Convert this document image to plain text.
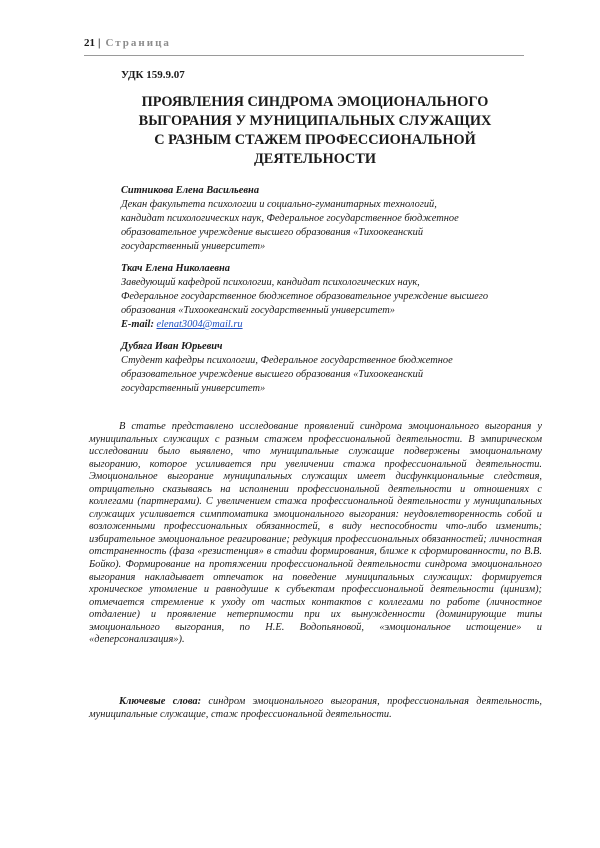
21 | Страница
УДК 159.9.07
ПРОЯВЛЕНИЯ СИНДРОМА ЭМОЦИОНАЛЬНОГО
ВЫГОРАНИЯ У МУНИЦИПАЛЬНЫХ СЛУЖАЩИХ
С РАЗНЫМ СТАЖЕМ ПРОФЕССИОНАЛЬНОЙ
ДЕЯТЕЛЬНОСТИ
Ситникова Елена Васильевна
Декан факультета психологии и социально-гуманитарных технологий,
кандидат психологических наук, Федеральное государственное бюджетное
образовательное учреждение высшего образования «Тихоокеанский
государственный университет»
Ткач Елена Николаевна
Заведующий кафедрой психологии, кандидат психологических наук,
Федеральное государственное бюджетное образовательное учреждение высшего
образования «Тихоокеанский государственный университет»
E-mail: elenat3004@mail.ru
Дубяга Иван Юрьевич
Студент кафедры психологии, Федеральное государственное бюджетное
образовательное учреждение высшего образования «Тихоокеанский
государственный университет»
В статье представлено исследование проявлений синдрома эмоционального выгорания у муниципальных служащих с разным стажем профессиональной деятельности. В эмпирическом исследовании было выявлено, что муниципальные служащие подвержены эмоциональному выгоранию, которое усиливается при увеличении стажа профессиональной деятельности. Эмоциональное выгорание муниципальных служащих имеет дисфункциональные следствия, отрицательно сказываясь на исполнении профессиональной деятельности и отношениях с коллегами (партнерами). С увеличением стажа профессиональной деятельности у муниципальных служащих усиливается симптоматика эмоционального выгорания: неудовлетворенность собой и возложенными профессиональных обязанностей, в виду неспособности что-либо изменить; избирательное эмоциональное реагирование; редукция профессиональных обязанностей; личностная отстраненность (фаза «резистенция» в стадии формирования, ближе к сформированности, по В.В. Бойко). Формирование на протяжении профессиональной деятельности синдрома эмоционального выгорания накладывает отпечаток на поведение муниципальных служащих: формируется хроническое утомление и равнодушие к субъектам профессиональной деятельности (цинизм); отмечается стремление к уходу от частых контактов с коллегами по работе (личностное отдаление) и проявление нетерпимости при их вынужденности (доминирующие типы эмоционального выгорания, по Н.Е. Водопьяновой, «эмоциональное истощение» и «деперсонализация»).
Ключевые слова: синдром эмоционального выгорания, профессиональная деятельность, муниципальные служащие, стаж профессиональной деятельности.
